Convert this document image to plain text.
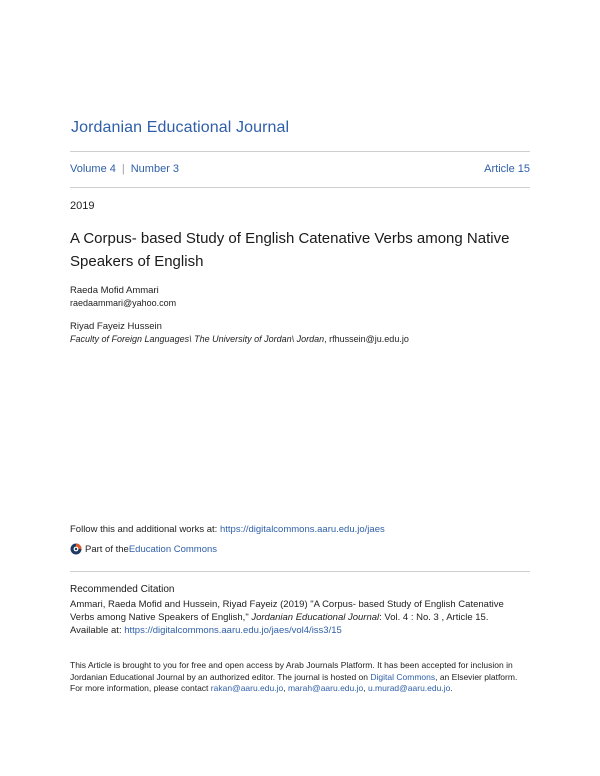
Jordanian Educational Journal
Volume 4 | Number 3	Article 15
2019
A Corpus- based Study of English Catenative Verbs among Native Speakers of English
Raeda Mofid Ammari
raedaammari@yahoo.com
Riyad Fayeiz Hussein
Faculty of Foreign Languages\ The University of Jordan\ Jordan, rfhussein@ju.edu.jo
Follow this and additional works at: https://digitalcommons.aaru.edu.jo/jaes
Part of the Education Commons
Recommended Citation
Ammari, Raeda Mofid and Hussein, Riyad Fayeiz (2019) "A Corpus- based Study of English Catenative Verbs among Native Speakers of English," Jordanian Educational Journal: Vol. 4 : No. 3 , Article 15.
Available at: https://digitalcommons.aaru.edu.jo/jaes/vol4/iss3/15
This Article is brought to you for free and open access by Arab Journals Platform. It has been accepted for inclusion in Jordanian Educational Journal by an authorized editor. The journal is hosted on Digital Commons, an Elsevier platform. For more information, please contact rakan@aaru.edu.jo, marah@aaru.edu.jo, u.murad@aaru.edu.jo.
